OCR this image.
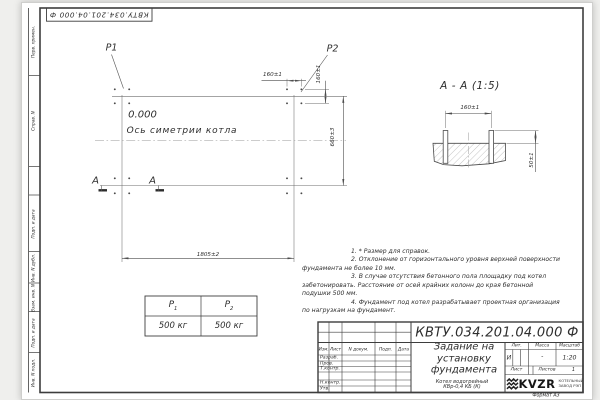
КВТУ.034.201.04.000 Ф
Перв. примен.
Справ. N
Подп. и дата
Инв. N дубл.
Взам. инв. N
Подп. и дата
Инв. N подл.
Р1	Р2
0.000
Ось симетрии котла
160±1	160±1
660±3
1805±2
А	А
А - А (1:5)
160±1
50±1
$Р_1$	$Р_2$
500 кг	500 кг
1. * Размер для справок.
2. Отклонение от горизонтального уровня верхней поверхности
фундамента не более 10 мм.
3. В случае отсутствия бетонного пола площадку под котел
забетонировать. Расстояние от осей крайних колонн до края бетонной
подушки 500 мм.
4. Фундамент под котел разрабатывает проектная организация
по нагрузкам на фундамент.
КВТУ.034.201.04.000 Ф
Задание на
установку
фундамента
Котел водогрейный
КВр-0,4 КБ (К)
Изм. Лист N докум. Подп. Дата
Разраб.
Пров.
Т.контр.
Н.контр.
Утв.
Лит.	Масса Масштаб
И	-	1:20
Лист	Листов	1
KVZR КОТЕЛЬНЫЙ
ЗАВОД РЭП
Формат А3
